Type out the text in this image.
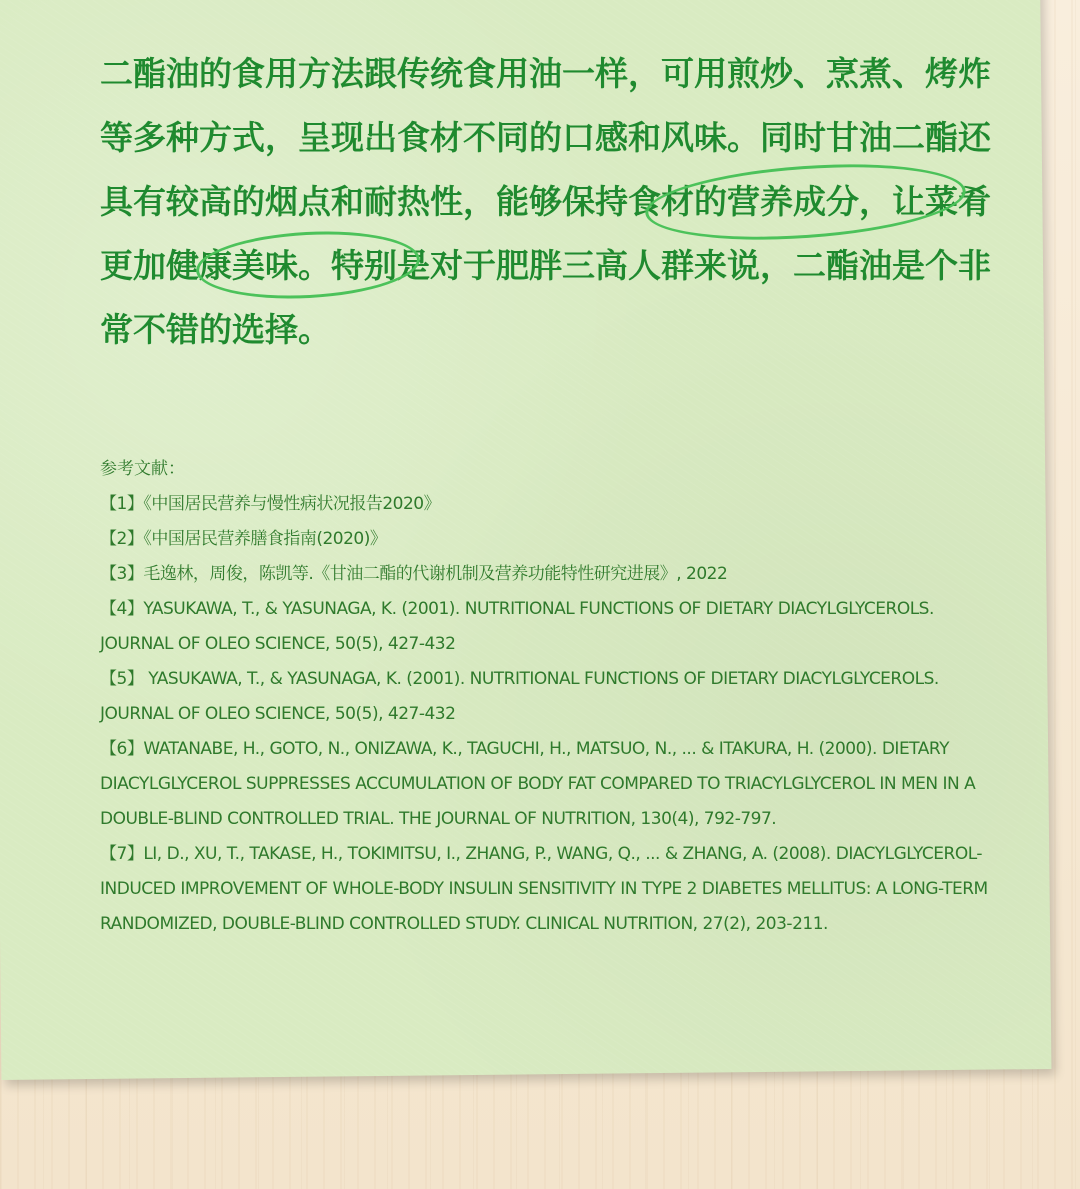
二酯油的食用方法跟传统食用油一样，可用煎炒、烹煮、烤炸等多种方式，呈现出食材不同的口感和风味。同时甘油二酯还具有较高的烟点和耐热性，能够保持食材的营养成分，让菜肴更加健康美味。特别是对于肥胖三高人群来说，二酯油是个非常不错的选择。

参考文献：

【1】《中国居民营养与慢性病状况报告2020》
【2】《中国居民营养膳食指南(2020)》
【3】毛逸林，周俊，陈凯等.《甘油二酯的代谢机制及营养功能特性研究进展》, 2022
【4】YASUKAWA, T., & YASUNAGA, K. (2001). NUTRITIONAL FUNCTIONS OF DIETARY DIACYLGLYCEROLS. JOURNAL OF OLEO SCIENCE, 50(5), 427-432
【5】 YASUKAWA, T., & YASUNAGA, K. (2001). NUTRITIONAL FUNCTIONS OF DIETARY DIACYLGLYCEROLS. JOURNAL OF OLEO SCIENCE, 50(5), 427-432
【6】WATANABE, H., GOTO, N., ONIZAWA, K., TAGUCHI, H., MATSUO, N., ... & ITAKURA, H. (2000). DIETARY DIACYLGLYCEROL SUPPRESSES ACCUMULATION OF BODY FAT COMPARED TO TRIACYLGLYCEROL IN MEN IN A DOUBLE-BLIND CONTROLLED TRIAL. THE JOURNAL OF NUTRITION, 130(4), 792-797.
【7】LI, D., XU, T., TAKASE, H., TOKIMITSU, I., ZHANG, P., WANG, Q., ... & ZHANG, A. (2008). DIACYLGLYCEROL-INDUCED IMPROVEMENT OF WHOLE-BODY INSULIN SENSITIVITY IN TYPE 2 DIABETES MELLITUS: A LONG-TERM RANDOMIZED, DOUBLE-BLIND CONTROLLED STUDY. CLINICAL NUTRITION, 27(2), 203-211.
